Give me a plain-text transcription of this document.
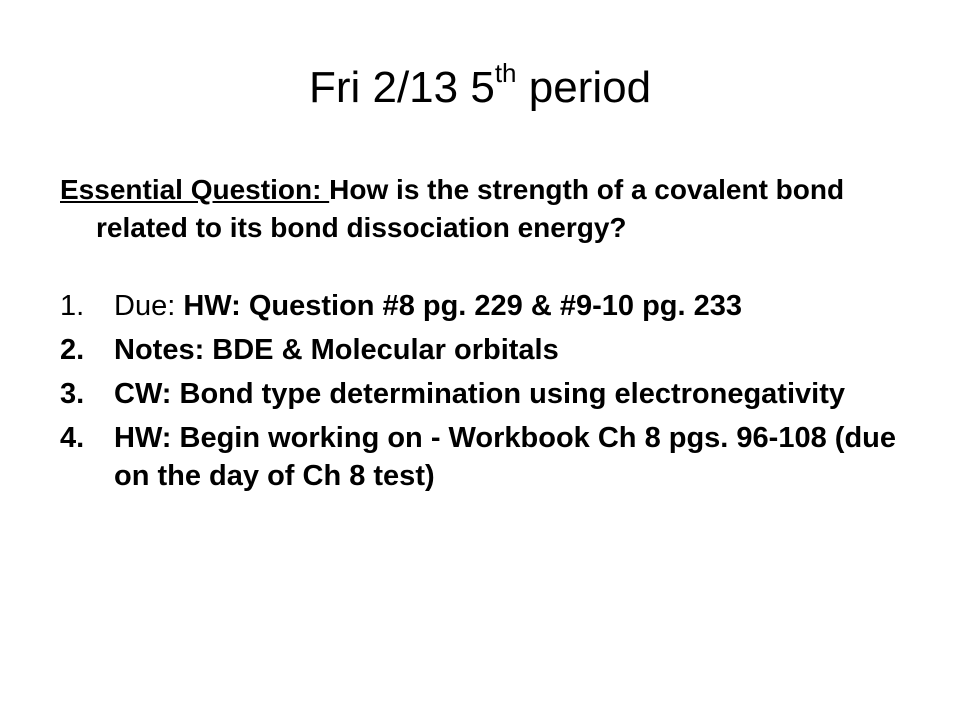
Fri 2/13 5th period

Essential Question: How is the strength of a covalent bond related to its bond dissociation energy?

1.	Due: HW: Question #8 pg. 229 & #9-10 pg. 233
2.	Notes: BDE & Molecular orbitals
3.	CW: Bond type determination using electronegativity
4.	HW: Begin working on - Workbook Ch 8 pgs. 96-108 (due on the day of Ch 8 test)
